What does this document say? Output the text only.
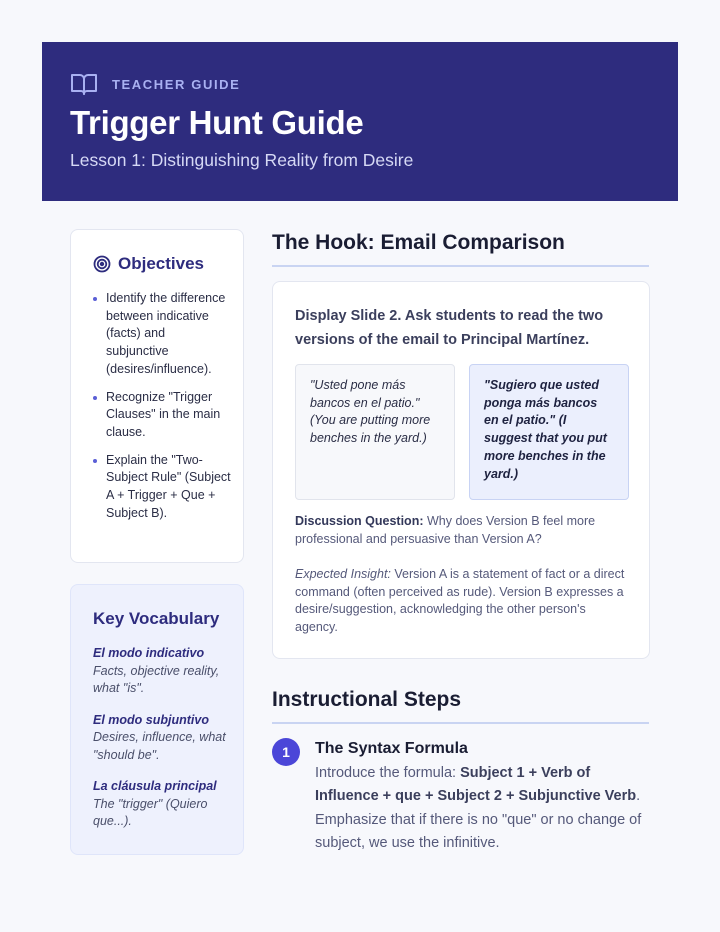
TEACHER GUIDE
Trigger Hunt Guide
Lesson 1: Distinguishing Reality from Desire
Objectives
Identify the difference between indicative (facts) and subjunctive (desires/influence).
Recognize "Trigger Clauses" in the main clause.
Explain the "Two-Subject Rule" (Subject A + Trigger + Que + Subject B).
Key Vocabulary
El modo indicativo
Facts, objective reality, what "is".
El modo subjuntivo
Desires, influence, what "should be".
La cláusula principal
The "trigger" (Quiero que...).
The Hook: Email Comparison
Display Slide 2. Ask students to read the two versions of the email to Principal Martínez.
"Usted pone más bancos en el patio." (You are putting more benches in the yard.)
"Sugiero que usted ponga más bancos en el patio." (I suggest that you put more benches in the yard.)
Discussion Question: Why does Version B feel more professional and persuasive than Version A?
Expected Insight: Version A is a statement of fact or a direct command (often perceived as rude). Version B expresses a desire/suggestion, acknowledging the other person's agency.
Instructional Steps
1	The Syntax Formula
Introduce the formula: Subject 1 + Verb of Influence + que + Subject 2 + Subjunctive Verb. Emphasize that if there is no "que" or no change of subject, we use the infinitive.
